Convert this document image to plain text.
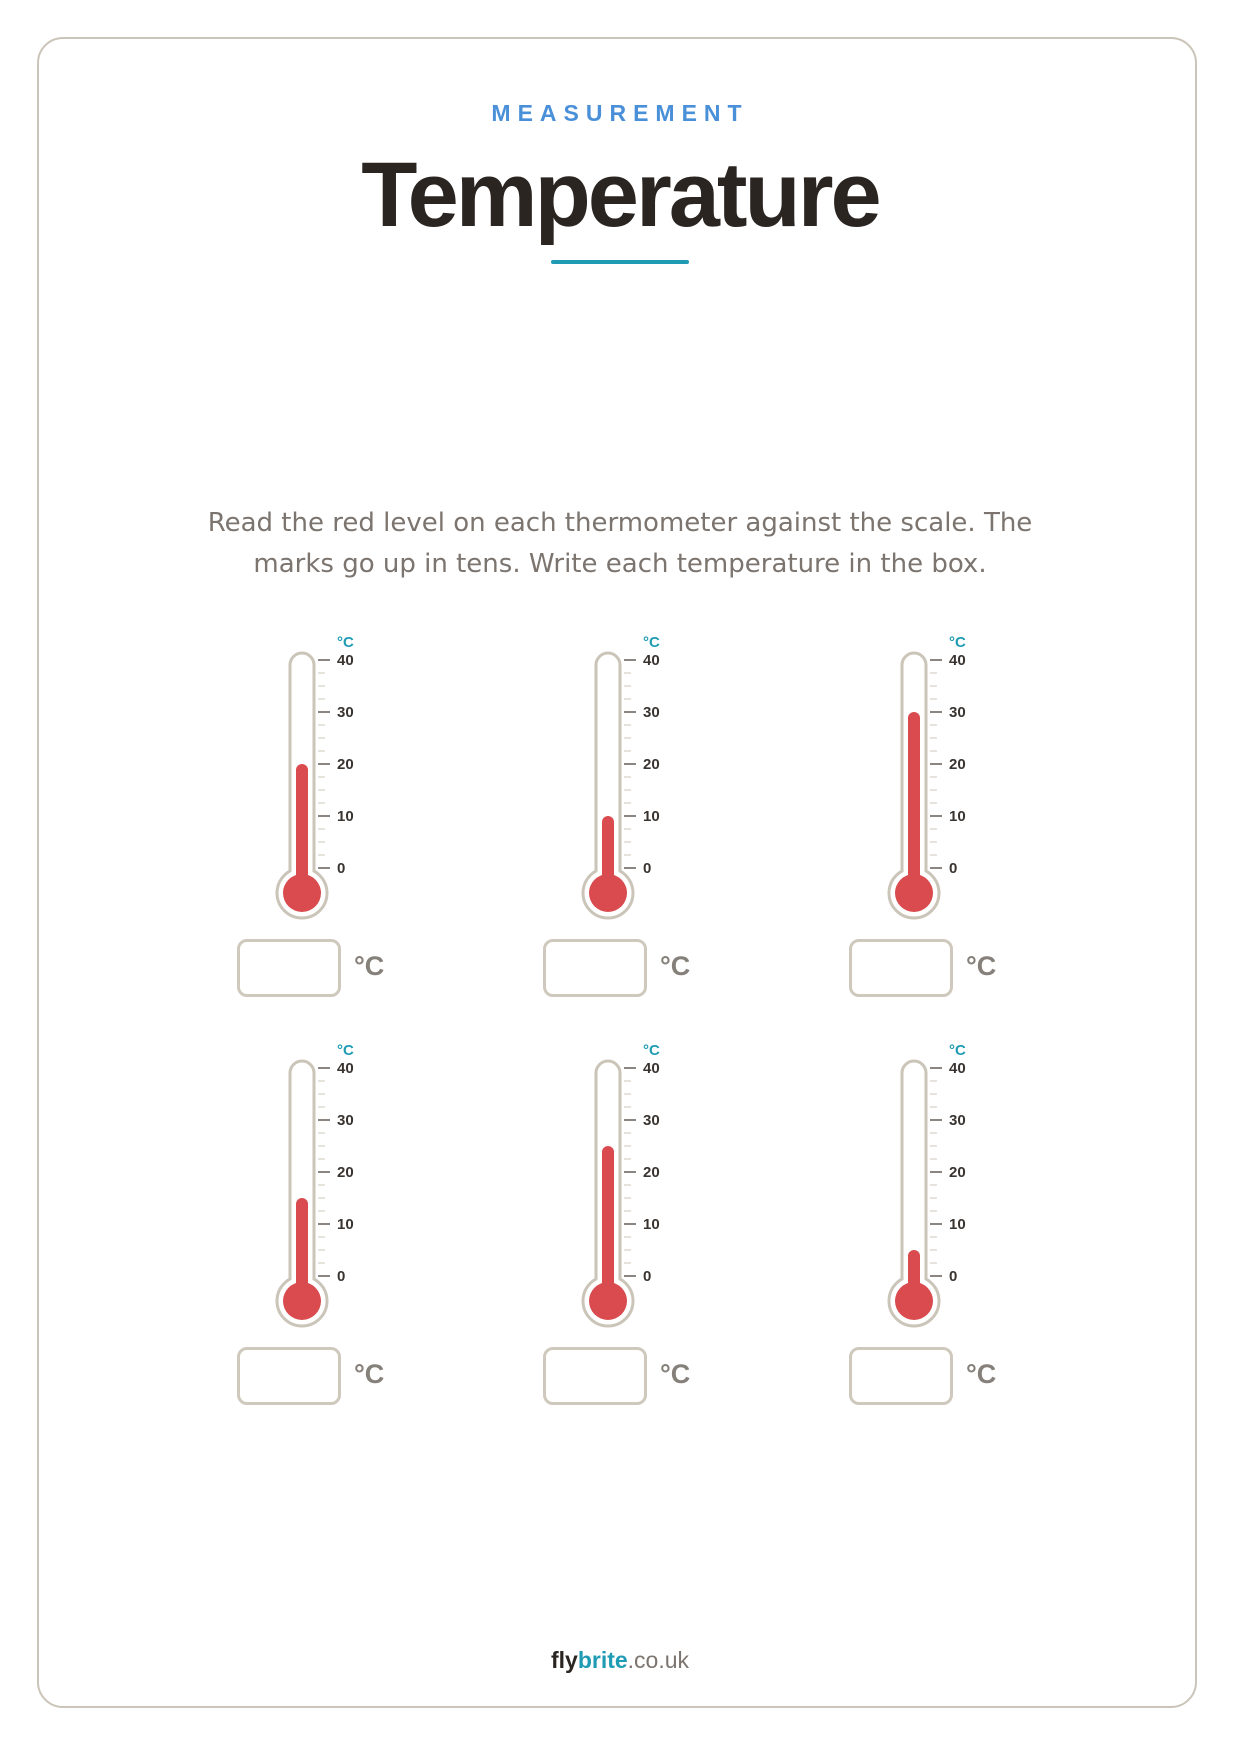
MEASUREMENT
Temperature
Read the red level on each thermometer against the scale. The
marks go up in tens. Write each temperature in the box.
40
30
20
10
0
°C
40
30
20
10
0
°C
40
30
20
10
0
°C
40
30
20
10
0
°C
40
30
20
10
0
°C
40
30
20
10
0
°C
°C	°C	°C
°C	°C	°C
flybrite.co.uk
